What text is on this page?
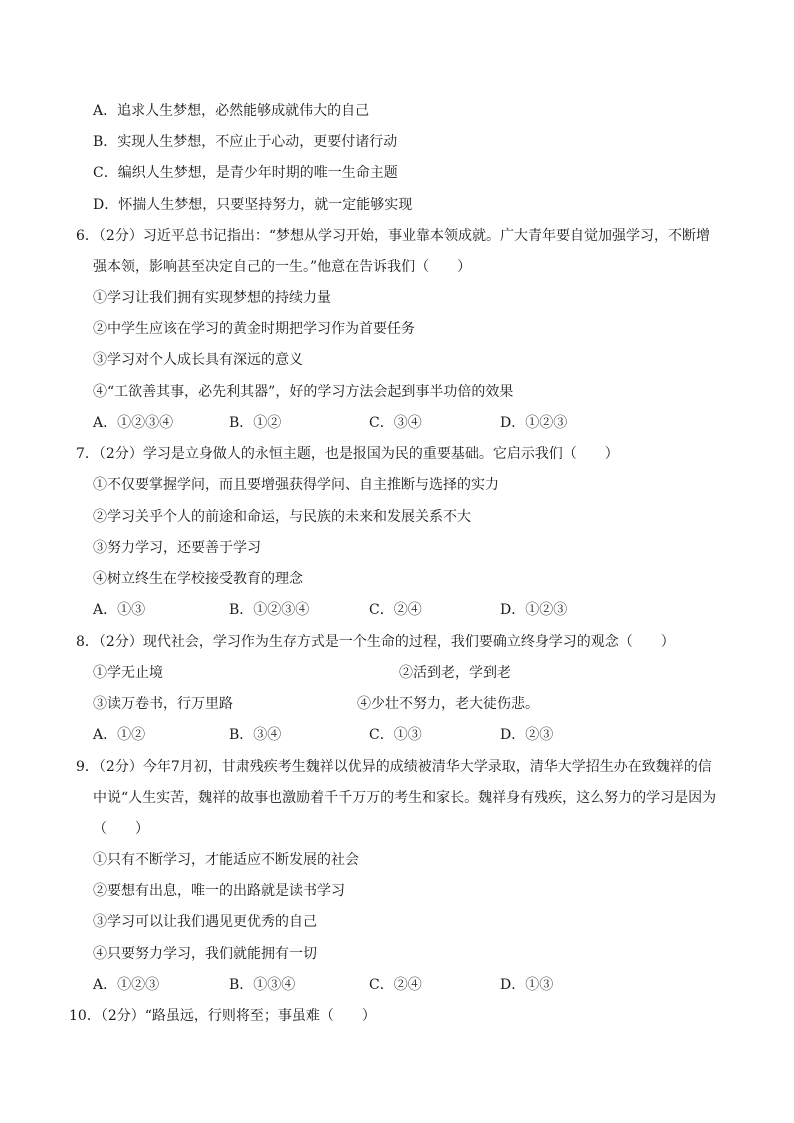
A．追求人生梦想，必然能够成就伟大的自己
B．实现人生梦想，不应止于心动，更要付诸行动
C．编织人生梦想，是青少年时期的唯一生命主题
D．怀揣人生梦想，只要坚持努力，就一定能够实现
6．（2分）习近平总书记指出：“梦想从学习开始，事业靠本领成就。广大青年要自觉加强学习，不断增
强本领，影响甚至决定自己的一生。”他意在告诉我们（　　）
①学习让我们拥有实现梦想的持续力量
②中学生应该在学习的黄金时期把学习作为首要任务
③学习对个人成长具有深远的意义
④“工欲善其事，必先利其器”，好的学习方法会起到事半功倍的效果
A．①②③④	B．①②	C．③④	D．①②③
7．（2分）学习是立身做人的永恒主题，也是报国为民的重要基础。它启示我们（　　）
①不仅要掌握学问，而且要增强获得学问、自主推断与选择的实力
②学习关乎个人的前途和命运，与民族的未来和发展关系不大
③努力学习，还要善于学习
④树立终生在学校接受教育的理念
A．①③	B．①②③④	C．②④	D．①②③
8．（2分）现代社会，学习作为生存方式是一个生命的过程，我们要确立终身学习的观念（　　）
①学无止境	②活到老，学到老
③读万卷书，行万里路	④少壮不努力，老大徒伤悲。
A．①②	B．③④	C．①③	D．②③
9．（2分）今年7月初，甘肃残疾考生魏祥以优异的成绩被清华大学录取，清华大学招生办在致魏祥的信
中说“人生实苦，魏祥的故事也激励着千千万万的考生和家长。魏祥身有残疾，这么努力的学习是因为
（　　）
①只有不断学习，才能适应不断发展的社会
②要想有出息，唯一的出路就是读书学习
③学习可以让我们遇见更优秀的自己
④只要努力学习，我们就能拥有一切
A．①②③	B．①③④	C．②④	D．①③
10．（2分）“路虽远，行则将至；事虽难（　　）
